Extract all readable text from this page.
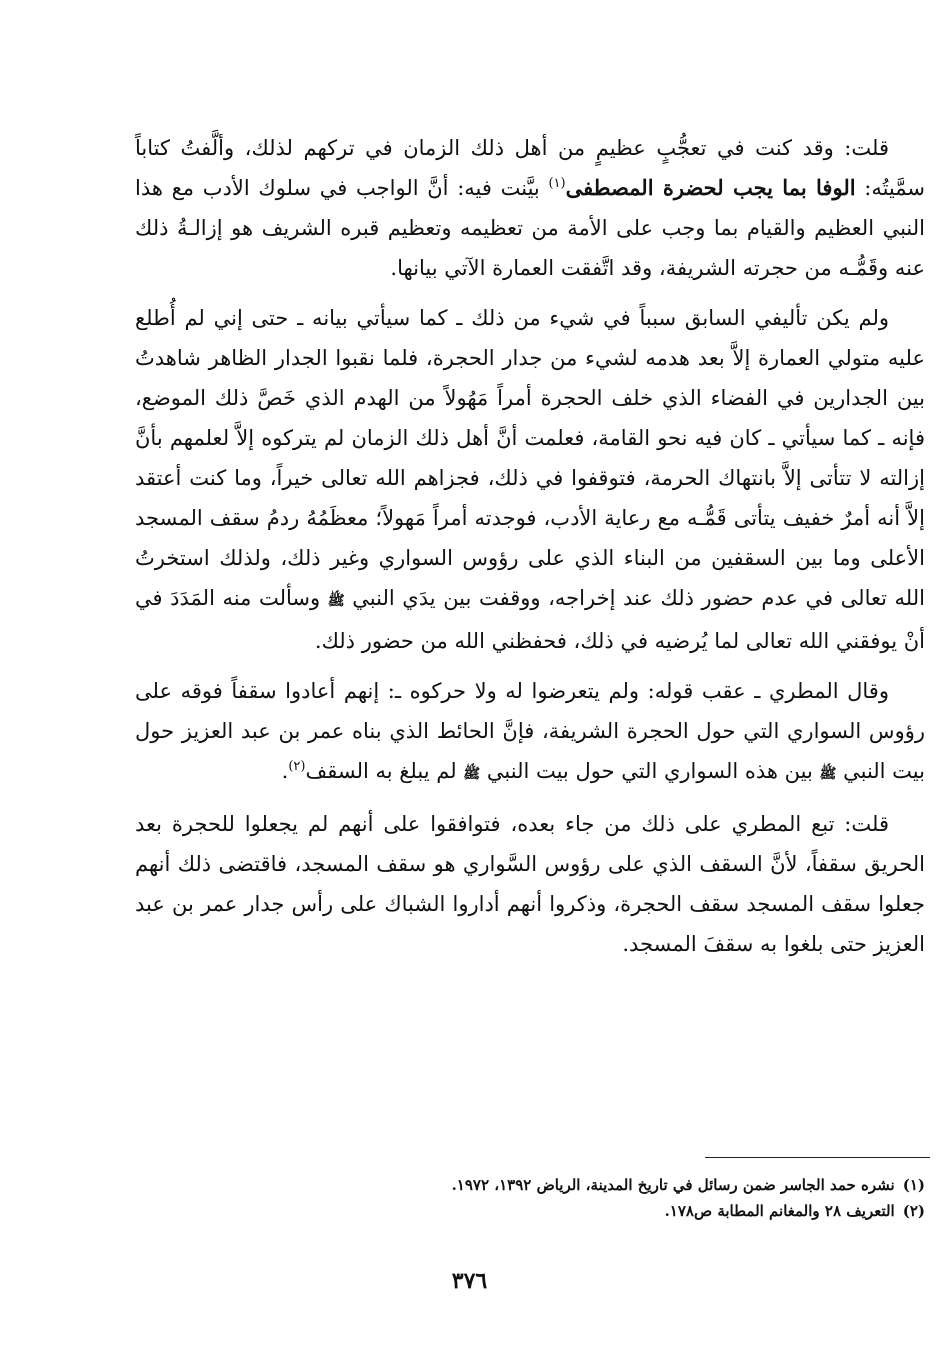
قلت: وقد كنت في تعجُّبٍ عظيمٍ من أهل ذلك الزمان في تركهم لذلك، وألَّفتُ كتاباً سمَّيتُه: الوفا بما يجب لحضرة المصطفى$^{(١)}$ بيَّنت فيه: أنَّ الواجب في سلوك الأدب مع هذا النبي العظيم والقيام بما وجب على الأمة من تعظيمه وتعظيم قبره الشريف هو إزالـةُ ذلك عنه وقَمُّـه من حجرته الشريفة، وقد اتَّفقت العمارة الآتي بيانها.

ولم يكن تأليفي السابق سبباً في شيء من ذلك ـ كما سيأتي بيانه ـ حتى إني لم أُطلع عليه متولي العمارة إلاَّ بعد هدمه لشيء من جدار الحجرة، فلما نقبوا الجدار الظاهر شاهدتُ بين الجدارين في الفضاء الذي خلف الحجرة أمراً مَهُولاً من الهدم الذي خَصَّ ذلك الموضع، فإنه ـ كما سيأتي ـ كان فيه نحو القامة، فعلمت أنَّ أهل ذلك الزمان لم يتركوه إلاَّ لعلمهم بأنَّ إزالته لا تتأتى إلاَّ بانتهاك الحرمة، فتوقفوا في ذلك، فجزاهم الله تعالى خيراً، وما كنت أعتقد إلاَّ أنه أمرٌ خفيف يتأتى قَمُّـه مع رعاية الأدب، فوجدته أمراً مَهولاً؛ معظَمُهُ ردمُ سقف المسجد الأعلى وما بين السقفين من البناء الذي على رؤوس السواري وغير ذلك، ولذلك استخرتُ الله تعالى في عدم حضور ذلك عند إخراجه، ووقفت بين يدَي النبي ﷺ وسألت منه المَدَدَ في أنْ يوفقني الله تعالى لما يُرضيه في ذلك، فحفظني الله من حضور ذلك.

وقال المطري ـ عقب قوله: ولم يتعرضوا له ولا حركوه ـ: إنهم أعادوا سقفاً فوقه على رؤوس السواري التي حول الحجرة الشريفة، فإنَّ الحائط الذي بناه عمر بن عبد العزيز حول بيت النبي ﷺ بين هذه السواري التي حول بيت النبي ﷺ لم يبلغ به السقف$^{(٢)}$.

قلت: تبع المطري على ذلك من جاء بعده، فتوافقوا على أنهم لم يجعلوا للحجرة بعد الحريق سقفاً، لأنَّ السقف الذي على رؤوس السَّواري هو سقف المسجد، فاقتضى ذلك أنهم جعلوا سقف المسجد سقف الحجرة، وذكروا أنهم أداروا الشباك على رأس جدار عمر بن عبد العزيز حتى بلغوا به سقفَ المسجد.

(١)نشره حمد الجاسر ضمن رسائل في تاريخ المدينة، الرياض ١٣٩٢، ١٩٧٢.
(٢)التعريف ٢٨ والمغانم المطابة ص١٧٨.
٣٧٦
